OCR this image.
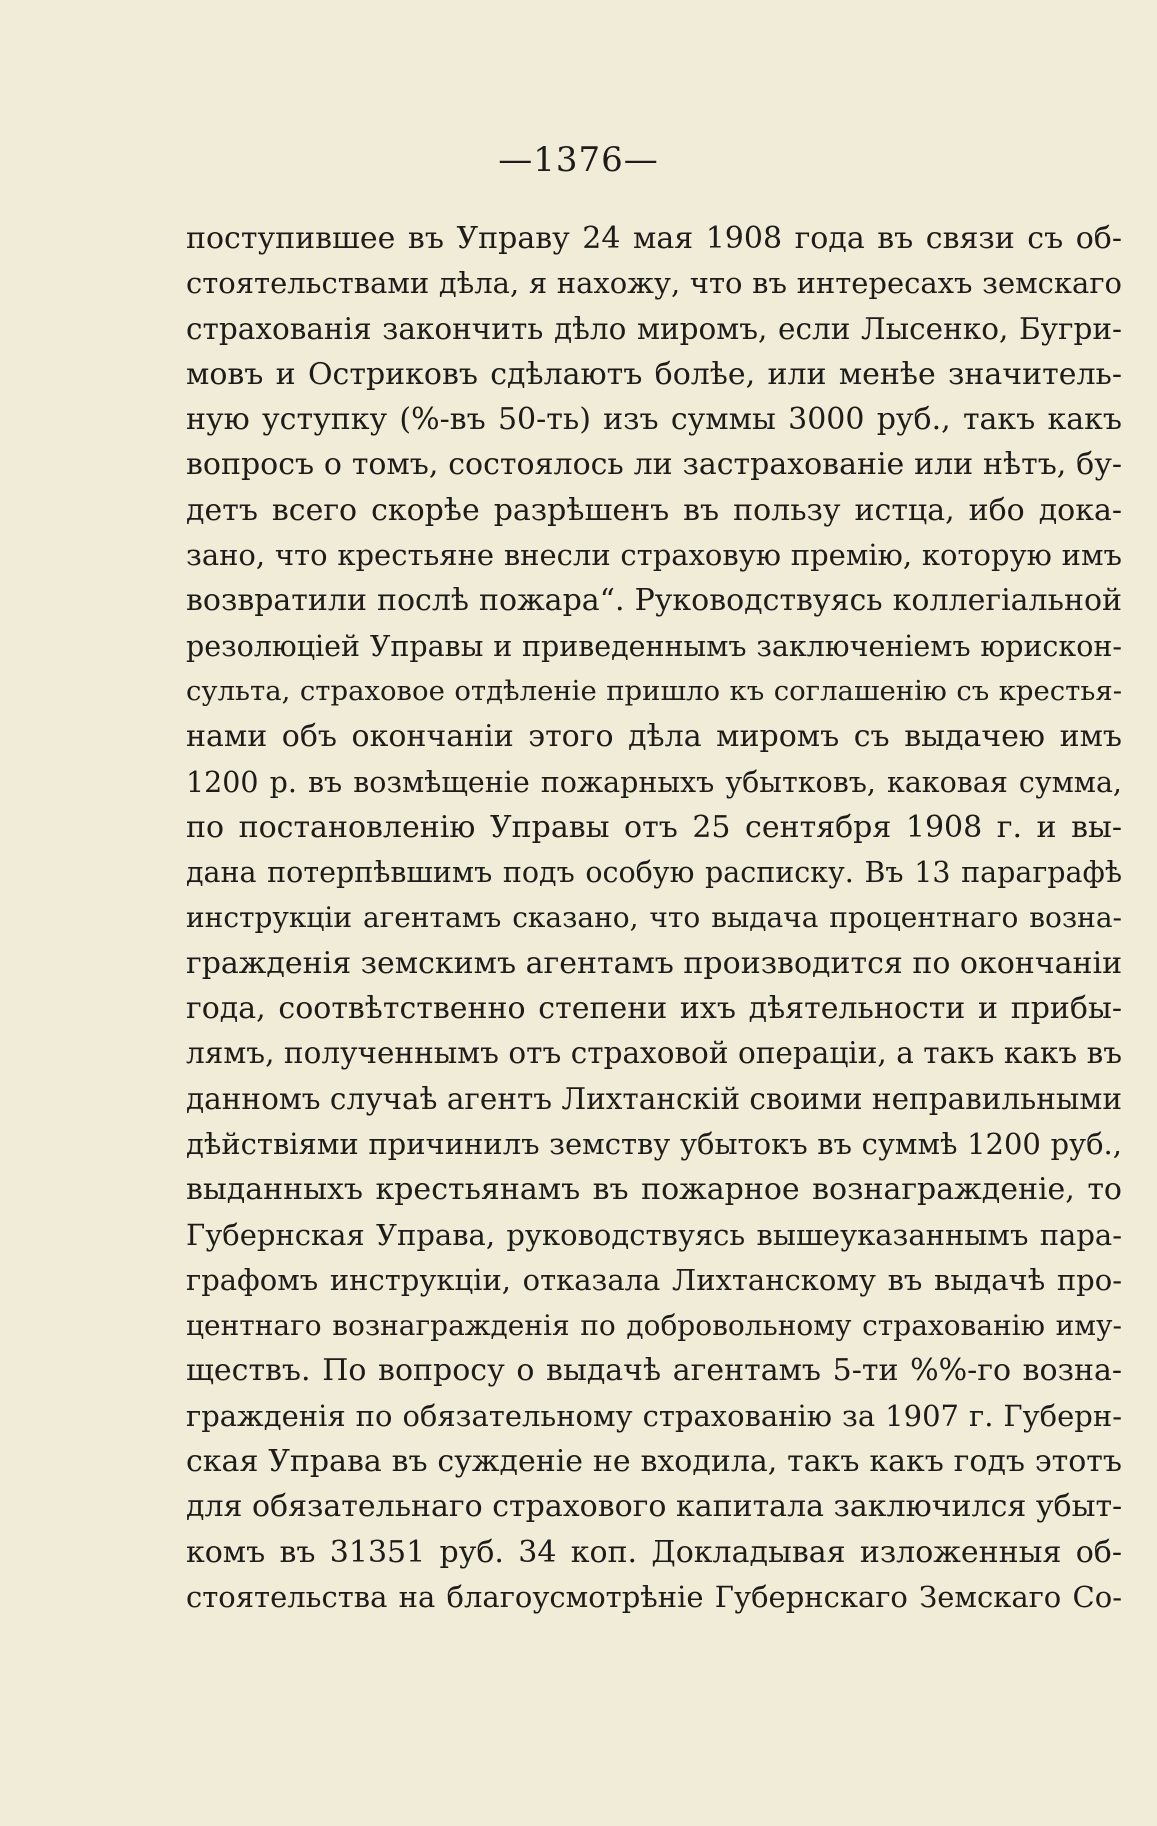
—1376—
поступившее въ Управу 24 мая 1908 года въ связи съ об-
стоятельствами дѣла, я нахожу, что въ интересахъ земскаго
страхованія закончить дѣло миромъ, если Лысенко, Бугри-
мовъ и Остриковъ сдѣлаютъ болѣе, или менѣе значитель-
ную уступку (%-въ 50-ть) изъ суммы 3000 руб., такъ какъ
вопросъ о томъ, состоялось ли застрахованіе или нѣтъ, бу-
детъ всего скорѣе разрѣшенъ въ пользу истца, ибо дока-
зано, что крестьяне внесли страховую премію, которую имъ
возвратили послѣ пожара“. Руководствуясь коллегіальной
резолюціей Управы и приведеннымъ заключеніемъ юрискон-
сульта, страховое отдѣленіе пришло къ соглашенію съ крестья-
нами объ окончаніи этого дѣла миромъ съ выдачею имъ
1200 р. въ возмѣщеніе пожарныхъ убытковъ, каковая сумма,
по постановленію Управы отъ 25 сентября 1908 г. и вы-
дана потерпѣвшимъ подъ особую расписку. Въ 13 параграфѣ
инструкціи агентамъ сказано, что выдача процентнаго возна-
гражденія земскимъ агентамъ производится по окончаніи
года, соотвѣтственно степени ихъ дѣятельности и прибы-
лямъ, полученнымъ отъ страховой операціи, а такъ какъ въ
данномъ случаѣ агентъ Лихтанскій своими неправильными
дѣйствіями причинилъ земству убытокъ въ суммѣ 1200 руб.,
выданныхъ крестьянамъ въ пожарное вознагражденіе, то
Губернская Управа, руководствуясь вышеуказаннымъ пара-
графомъ инструкціи, отказала Лихтанскому въ выдачѣ про-
центнаго вознагражденія по добровольному страхованію иму-
ществъ. По вопросу о выдачѣ агентамъ 5-ти %%-го возна-
гражденія по обязательному страхованію за 1907 г. Губерн-
ская Управа въ сужденіе не входила, такъ какъ годъ этотъ
для обязательнаго страхового капитала заключился убыт-
комъ въ 31351 руб. 34 коп. Докладывая изложенныя об-
стоятельства на благоусмотрѣніе Губернскаго Земскаго Со-
